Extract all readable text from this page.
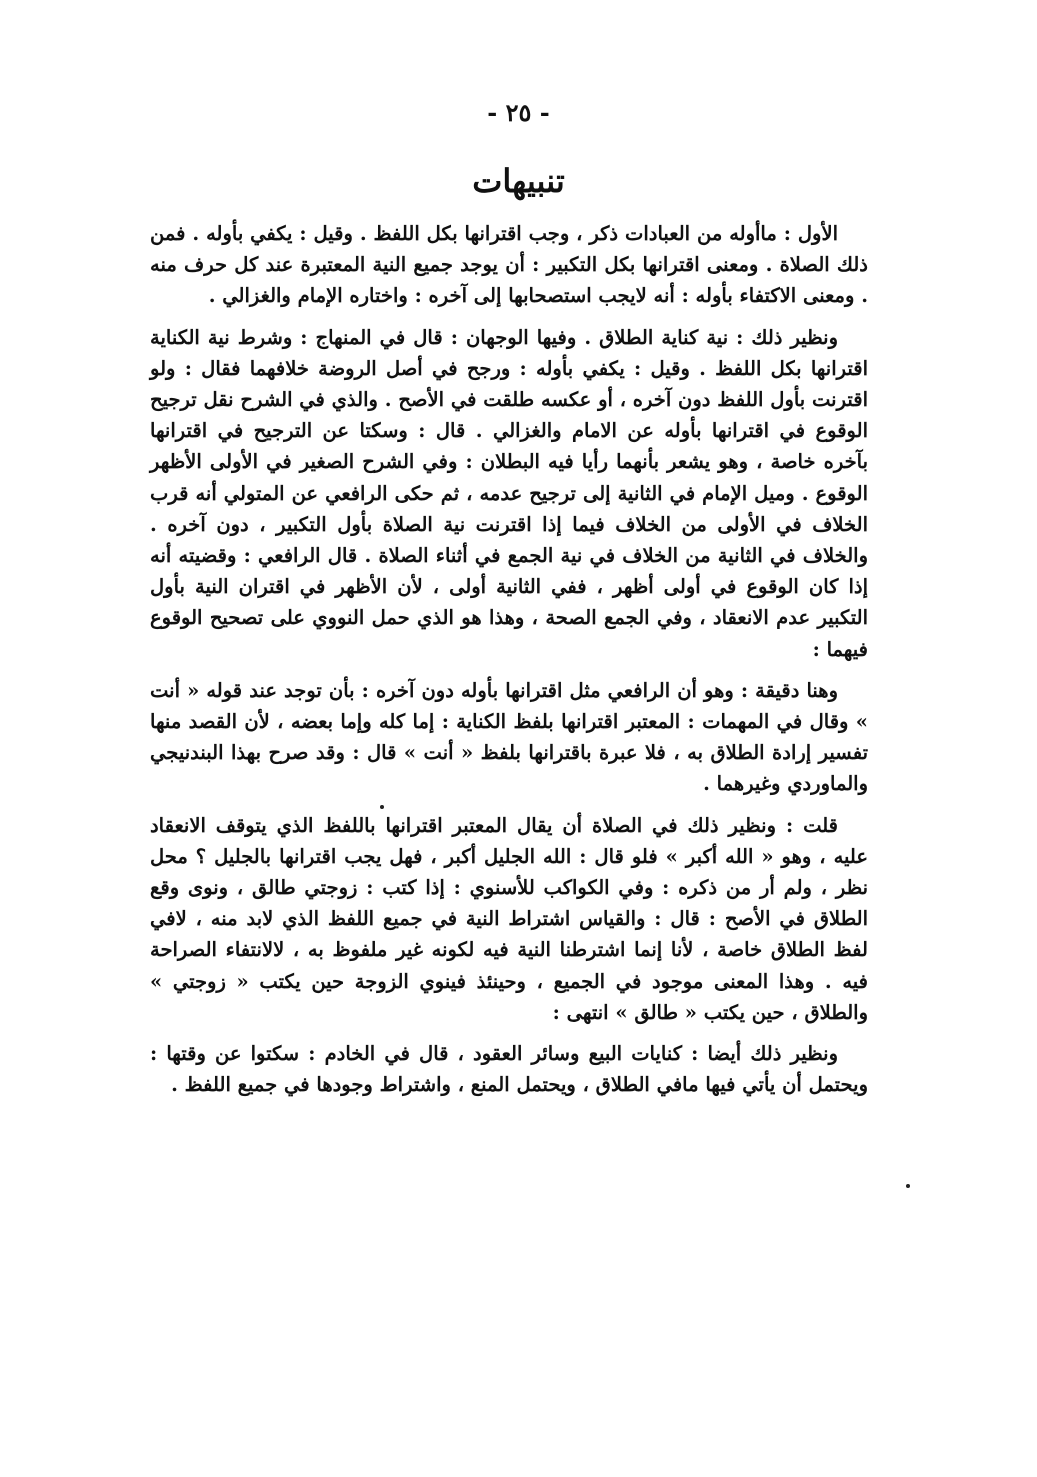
- ٢٥ -
تنبيهات

الأول : ماأوله من العبادات ذكر ، وجب اقترانها بكل اللفظ . وقيل : يكفي بأوله . فمن ذلك الصلاة . ومعنى اقترانها بكل التكبير : أن يوجد جميع النية المعتبرة عند كل حرف منه . ومعنى الاكتفاء بأوله : أنه لايجب استصحابها إلى آخره : واختاره الإمام والغزالي .

ونظير ذلك : نية كناية الطلاق . وفيها الوجهان : قال في المنهاج : وشرط نية الكناية اقترانها بكل اللفظ . وقيل : يكفي بأوله : ورجح في أصل الروضة خلافهما فقال : ولو اقترنت بأول اللفظ دون آخره ، أو عكسه طلقت في الأصح . والذي في الشرح نقل ترجيح الوقوع في اقترانها بأوله عن الامام والغزالي . قال : وسكتا عن الترجيح في اقترانها بآخره خاصة ، وهو يشعر بأنهما رأيا فيه البطلان : وفي الشرح الصغير في الأولى الأظهر الوقوع . وميل الإمام في الثانية إلى ترجيح عدمه ، ثم حكى الرافعي عن المتولي أنه قرب الخلاف في الأولى من الخلاف فيما إذا اقترنت نية الصلاة بأول التكبير ، دون آخره . والخلاف في الثانية من الخلاف في نية الجمع في أثناء الصلاة . قال الرافعي : وقضيته أنه إذا كان الوقوع في أولى أظهر ، ففي الثانية أولى ، لأن الأظهر في اقتران النية بأول التكبير عدم الانعقاد ، وفي الجمع الصحة ، وهذا هو الذي حمل النووي على تصحيح الوقوع فيهما :

وهنا دقيقة : وهو أن الرافعي مثل اقترانها بأوله دون آخره : بأن توجد عند قوله « أنت » وقال في المهمات : المعتبر اقترانها بلفظ الكناية : إما كله وإما بعضه ، لأن القصد منها تفسير إرادة الطلاق به ، فلا عبرة باقترانها بلفظ « أنت » قال : وقد صرح بهذا البندنيجي والماوردي وغيرهما .

قلت : ونظير ذلك في الصلاة أن يقال المعتبر اقترانها باللفظ الذي يتوقف الانعقاد عليه ، وهو « الله أكبر » فلو قال : الله الجليل أكبر ، فهل يجب اقترانها بالجليل ؟ محل نظر ، ولم أر من ذكره : وفي الكواكب للأسنوي : إذا كتب : زوجتي طالق ، ونوى وقع الطلاق في الأصح : قال : والقياس اشتراط النية في جميع اللفظ الذي لابد منه ، لافي لفظ الطلاق خاصة ، لأنا إنما اشترطنا النية فيه لكونه غير ملفوظ به ، لالانتفاء الصراحة فيه . وهذا المعنى موجود في الجميع ، وحينئذ فينوي الزوجة حين يكتب « زوجتي » والطلاق ، حين يكتب « طالق » انتهى :

ونظير ذلك أيضا : كنايات البيع وسائر العقود ، قال في الخادم : سكتوا عن وقتها : ويحتمل أن يأتي فيها مافي الطلاق ، ويحتمل المنع ، واشتراط وجودها في جميع اللفظ .
